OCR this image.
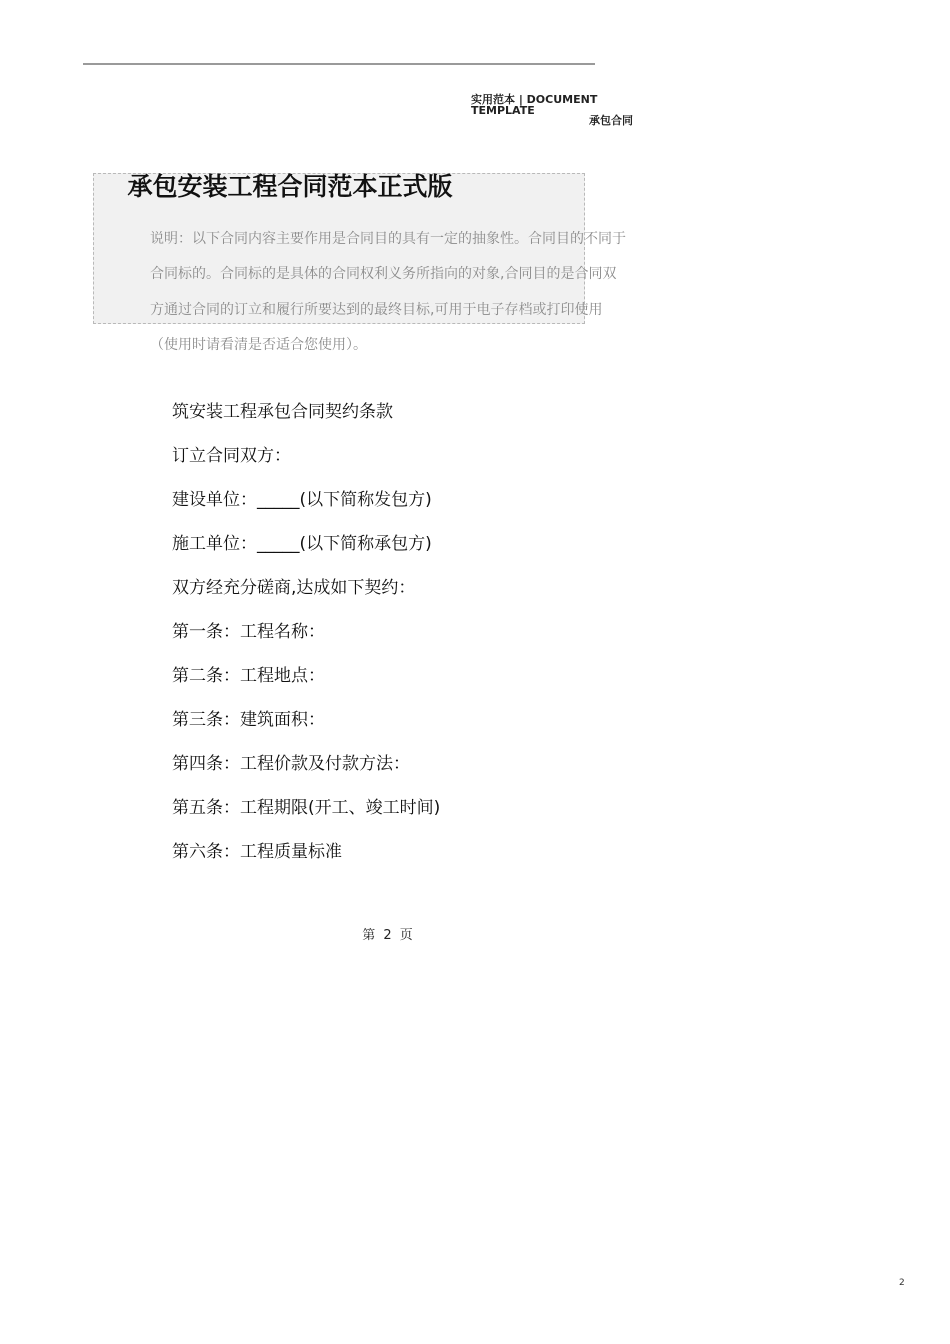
实用范本 | DOCUMENT TEMPLATE
承包合同
承包安装工程合同范本正式版
说明：以下合同内容主要作用是合同目的具有一定的抽象性。合同目的不同于合同标的。合同标的是具体的合同权利义务所指向的对象,合同目的是合同双方通过合同的订立和履行所要达到的最终目标,可用于电子存档或打印使用（使用时请看清是否适合您使用）。
筑安装工程承包合同契约条款
订立合同双方：
建设单位：_____(以下简称发包方)
施工单位：_____(以下简称承包方)
双方经充分磋商,达成如下契约：
第一条：工程名称：
第二条：工程地点：
第三条：建筑面积：
第四条：工程价款及付款方法：
第五条：工程期限(开工、竣工时间)
第六条：工程质量标准
第 2 页
2
